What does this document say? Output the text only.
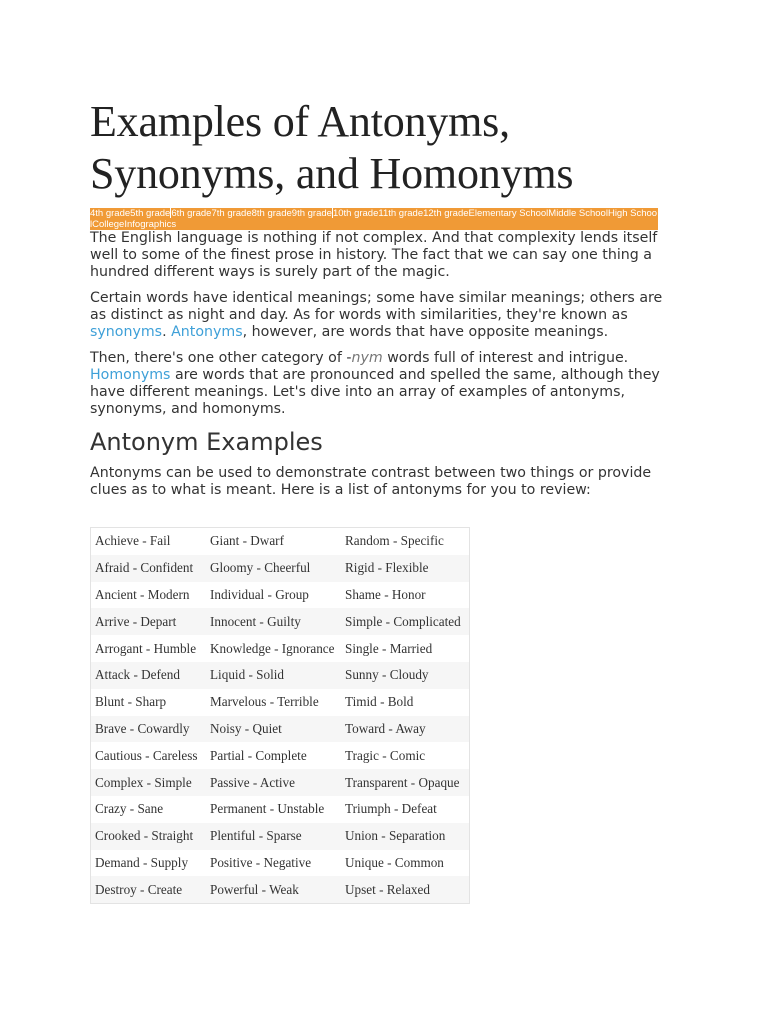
Examples of Antonyms, Synonyms, and Homonyms
4th grade5th grade6th grade7th grade8th grade9th grade10th grade11th grade12th gradeElementary SchoolMiddle SchoolHigh SchoolCollegeInfographics

The English language is nothing if not complex. And that complexity lends itself well to some of the finest prose in history. The fact that we can say one thing a hundred different ways is surely part of the magic.

Certain words have identical meanings; some have similar meanings; others are as distinct as night and day. As for words with similarities, they're known as synonyms. Antonyms, however, are words that have opposite meanings.

Then, there's one other category of -nym words full of interest and intrigue. Homonyms are words that are pronounced and spelled the same, although they have different meanings. Let's dive into an array of examples of antonyms, synonyms, and homonyms.

Antonym Examples

Antonyms can be used to demonstrate contrast between two things or provide clues as to what is meant. Here is a list of antonyms for you to review:

Achieve - Fail	Giant - Dwarf	Random - Specific
Afraid - Confident	Gloomy - Cheerful	Rigid - Flexible
Ancient - Modern	Individual - Group	Shame - Honor
Arrive - Depart	Innocent - Guilty	Simple - Complicated
Arrogant - Humble	Knowledge - Ignorance	Single - Married
Attack - Defend	Liquid - Solid	Sunny - Cloudy
Blunt - Sharp	Marvelous - Terrible	Timid - Bold
Brave - Cowardly	Noisy - Quiet	Toward - Away
Cautious - Careless	Partial - Complete	Tragic - Comic
Complex - Simple	Passive - Active	Transparent - Opaque
Crazy - Sane	Permanent - Unstable	Triumph - Defeat
Crooked - Straight	Plentiful - Sparse	Union - Separation
Demand - Supply	Positive - Negative	Unique - Common
Destroy - Create	Powerful - Weak	Upset - Relaxed
